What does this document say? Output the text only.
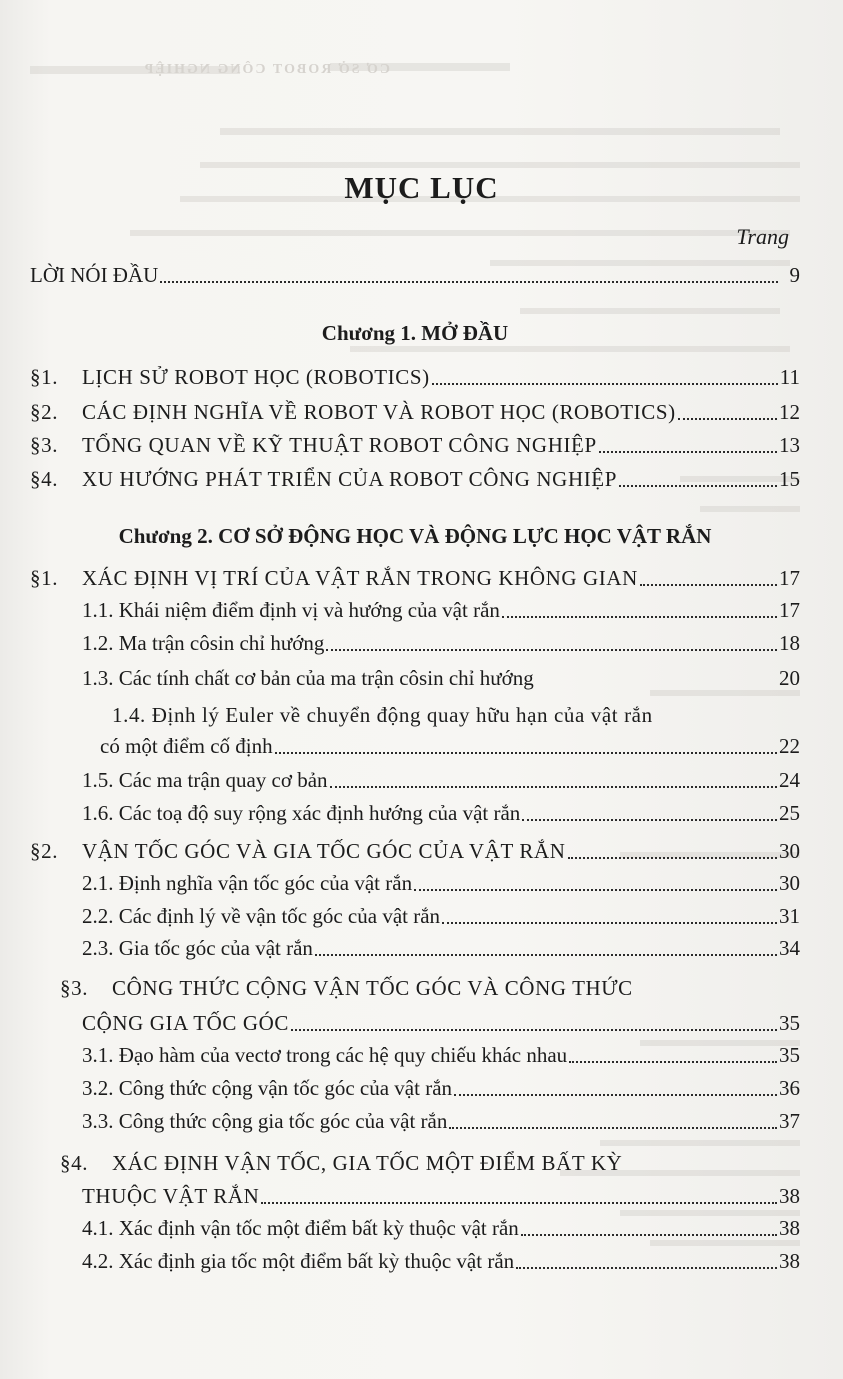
MỤC LỤC
Trang
LỜI NÓI ĐẦU	9
Chương 1. MỞ ĐẦU
§1.	LỊCH SỬ ROBOT HỌC (ROBOTICS)	11
§2.	CÁC ĐỊNH NGHĨA VỀ ROBOT VÀ ROBOT HỌC (ROBOTICS)	12
§3.	TỔNG QUAN VỀ KỸ THUẬT ROBOT CÔNG NGHIỆP	13
§4.	XU HƯỚNG PHÁT TRIỂN CỦA ROBOT CÔNG NGHIỆP	15
Chương 2. CƠ SỞ ĐỘNG HỌC VÀ ĐỘNG LỰC HỌC VẬT RẮN
§1.	XÁC ĐỊNH VỊ TRÍ CỦA VẬT RẮN TRONG KHÔNG GIAN	17
1.1. Khái niệm điểm định vị và hướng của vật rắn	17
1.2. Ma trận côsin chỉ hướng	18
1.3. Các tính chất cơ bản của ma trận côsin chỉ hướng	20
1.4. Định lý Euler về chuyển động quay hữu hạn của vật rắn
có một điểm cố định	22
1.5. Các ma trận quay cơ bản	24
1.6. Các toạ độ suy rộng xác định hướng của vật rắn	25
§2.	VẬN TỐC GÓC VÀ GIA TỐC GÓC CỦA VẬT RẮN	30
2.1. Định nghĩa vận tốc góc của vật rắn	30
2.2. Các định lý về vận tốc góc của vật rắn	31
2.3. Gia tốc góc của vật rắn	34
§3. CÔNG THỨC CỘNG VẬN TỐC GÓC VÀ CÔNG THỨC
CỘNG GIA TỐC GÓC	35
3.1. Đạo hàm của vectơ trong các hệ quy chiếu khác nhau	35
3.2. Công thức cộng vận tốc góc của vật rắn	36
3.3. Công thức cộng gia tốc góc của vật rắn	37
§4. XÁC ĐỊNH VẬN TỐC, GIA TỐC MỘT ĐIỂM BẤT KỲ
THUỘC VẬT RẮN	38
4.1. Xác định vận tốc một điểm bất kỳ thuộc vật rắn	38
4.2. Xác định gia tốc một điểm bất kỳ thuộc vật rắn	38
CƠ SỞ ROBOT CÔNG NGHIỆP
